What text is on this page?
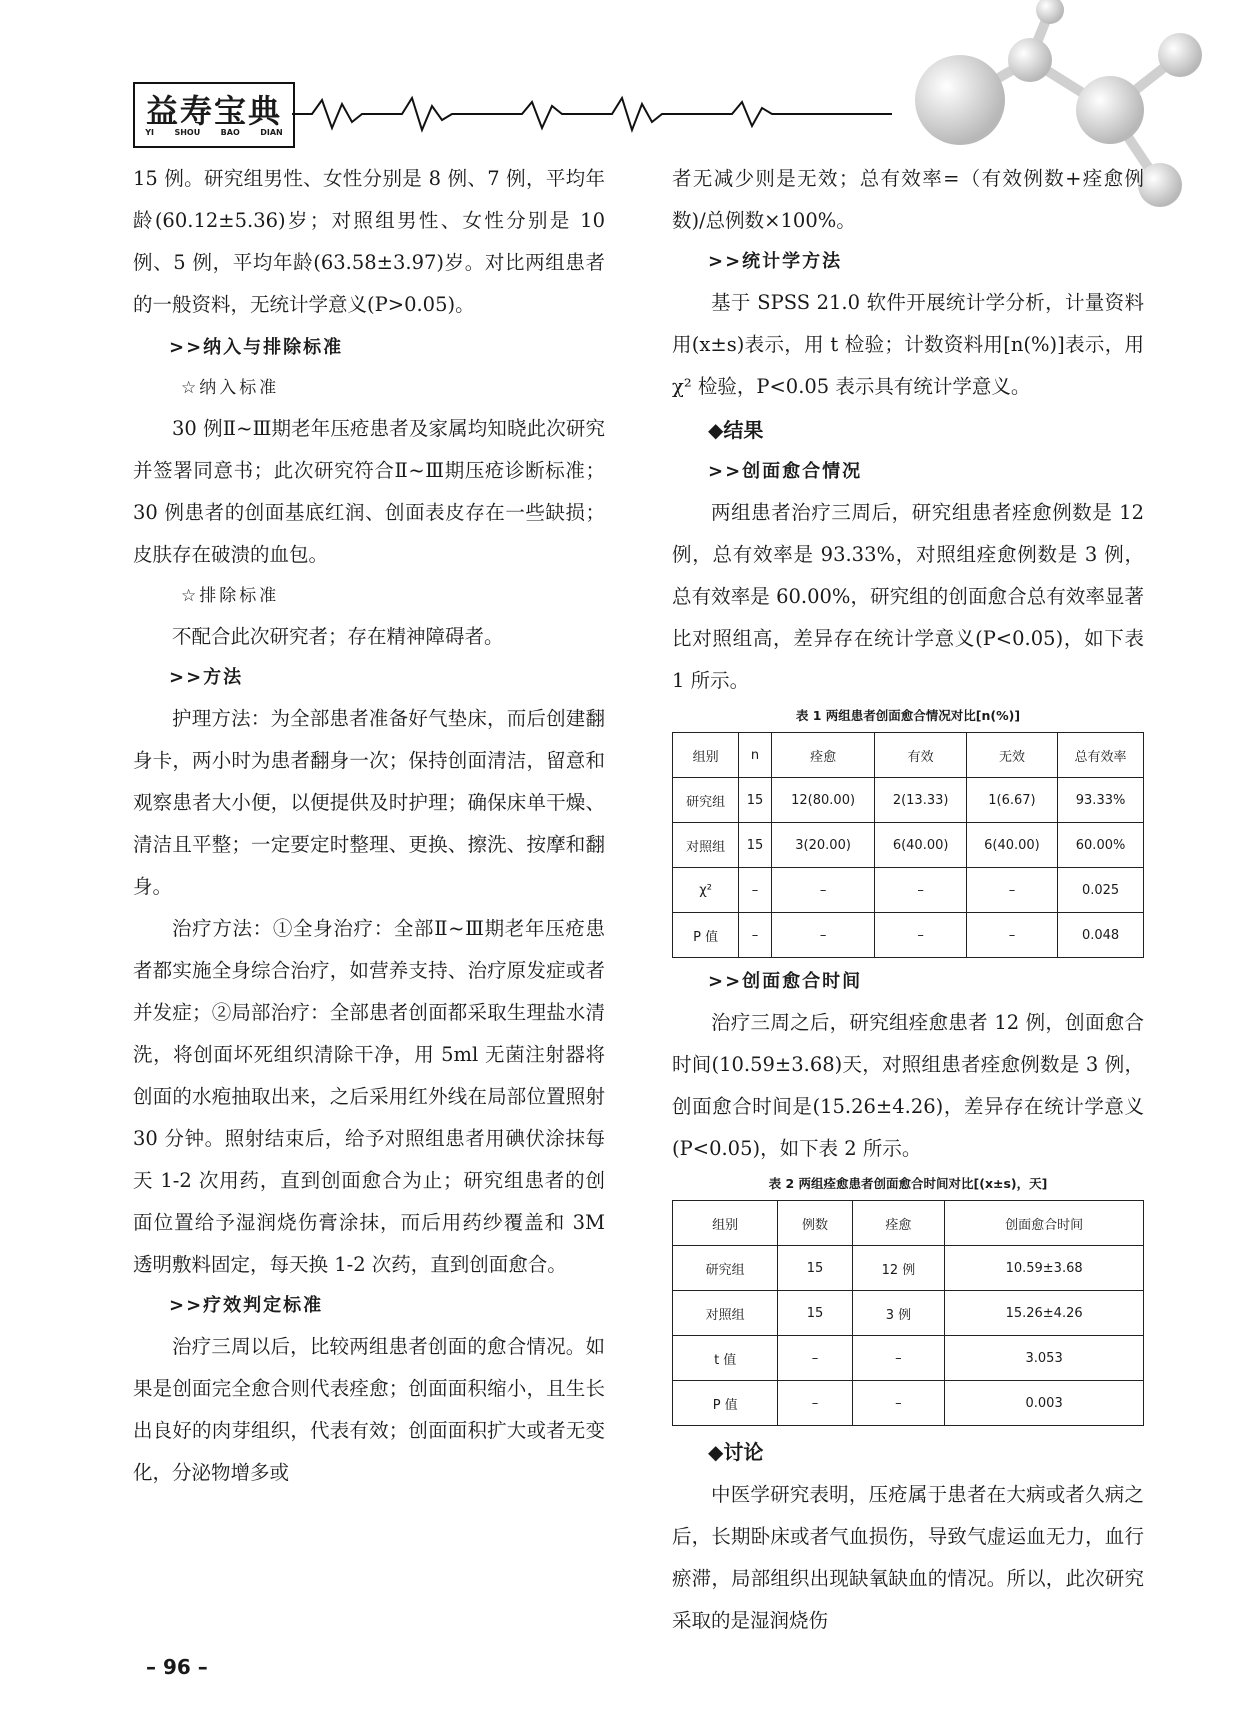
益寿宝典
YI	SHOU	BAO	DIAN

15 例。研究组男性、女性分别是 8 例、7 例，平均年龄(60.12±5.36)岁；对照组男性、女性分别是 10 例、5 例，平均年龄(63.58±3.97)岁。对比两组患者的一般资料，无统计学意义(P>0.05)。

>>纳入与排除标准

☆纳入标准

30 例Ⅱ~Ⅲ期老年压疮患者及家属均知晓此次研究并签署同意书；此次研究符合Ⅱ~Ⅲ期压疮诊断标准；30 例患者的创面基底红润、创面表皮存在一些缺损；皮肤存在破溃的血包。

☆排除标准

不配合此次研究者；存在精神障碍者。

>>方法

护理方法：为全部患者准备好气垫床，而后创建翻身卡，两小时为患者翻身一次；保持创面清洁，留意和观察患者大小便，以便提供及时护理；确保床单干燥、清洁且平整；一定要定时整理、更换、擦洗、按摩和翻身。

治疗方法：①全身治疗：全部Ⅱ~Ⅲ期老年压疮患者都实施全身综合治疗，如营养支持、治疗原发症或者并发症；②局部治疗：全部患者创面都采取生理盐水清洗，将创面坏死组织清除干净，用 5ml 无菌注射器将创面的水疱抽取出来，之后采用红外线在局部位置照射 30 分钟。照射结束后，给予对照组患者用碘伏涂抹每天 1-2 次用药，直到创面愈合为止；研究组患者的创面位置给予湿润烧伤膏涂抹，而后用药纱覆盖和 3M 透明敷料固定，每天换 1-2 次药，直到创面愈合。

>>疗效判定标准

治疗三周以后，比较两组患者创面的愈合情况。如果是创面完全愈合则代表痊愈；创面面积缩小，且生长出良好的肉芽组织，代表有效；创面面积扩大或者无变化，分泌物增多或

者无减少则是无效；总有效率=（有效例数+痊愈例数)/总例数×100%。

>>统计学方法

基于 SPSS 21.0 软件开展统计学分析，计量资料用(x±s)表示，用 t 检验；计数资料用[n(%)]表示，用 χ² 检验，P<0.05 表示具有统计学意义。

◆结果

>>创面愈合情况

两组患者治疗三周后，研究组患者痊愈例数是 12 例，总有效率是 93.33%，对照组痊愈例数是 3 例，总有效率是 60.00%，研究组的创面愈合总有效率显著比对照组高，差异存在统计学意义(P<0.05)，如下表 1 所示。

表 1 两组患者创面愈合情况对比[n(%)]
组别	n	痊愈	有效	无效	总有效率
研究组	15	12(80.00)	2(13.33)	1(6.67)	93.33%
对照组	15	3(20.00)	6(40.00)	6(40.00)	60.00%
χ²	–	–	–	–	0.025
P 值	–	–	–	–	0.048

>>创面愈合时间

治疗三周之后，研究组痊愈患者 12 例，创面愈合时间(10.59±3.68)天，对照组患者痊愈例数是 3 例，创面愈合时间是(15.26±4.26)，差异存在统计学意义(P<0.05)，如下表 2 所示。

表 2 两组痊愈患者创面愈合时间对比[(x±s)，天]
组别	例数	痊愈	创面愈合时间
研究组	15	12 例	10.59±3.68
对照组	15	3 例	15.26±4.26
t 值	–	–	3.053
P 值	–	–	0.003

◆讨论

中医学研究表明，压疮属于患者在大病或者久病之后，长期卧床或者气血损伤，导致气虚运血无力，血行瘀滞，局部组织出现缺氧缺血的情况。所以，此次研究采取的是湿润烧伤

– 96 –
